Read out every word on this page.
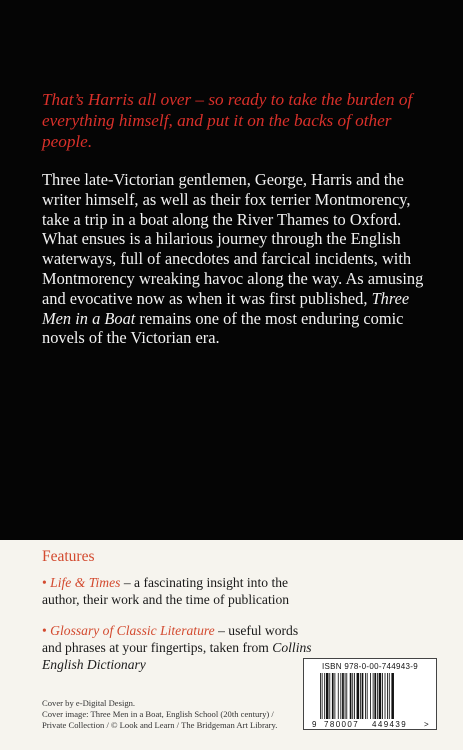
That’s Harris all over – so ready to take the burden of everything himself, and put it on the backs of other people.

Three late-Victorian gentlemen, George, Harris and the writer himself, as well as their fox terrier Montmorency, take a trip in a boat along the River Thames to Oxford. What ensues is a hilarious journey through the English waterways, full of anecdotes and farcical incidents, with Montmorency wreaking havoc along the way. As amusing and evocative now as when it was first published, Three Men in a Boat remains one of the most enduring comic novels of the Victorian era.

Features

• Life & Times – a fascinating insight into the author, their work and the time of publication

• Glossary of Classic Literature – useful words and phrases at your fingertips, taken from Collins English Dictionary

Cover by e-Digital Design.
Cover image: Three Men in a Boat, English School (20th century) /
Private Collection / © Look and Learn / The Bridgeman Art Library.

ISBN 978-0-00-744943-9
9 780007 449439 >
